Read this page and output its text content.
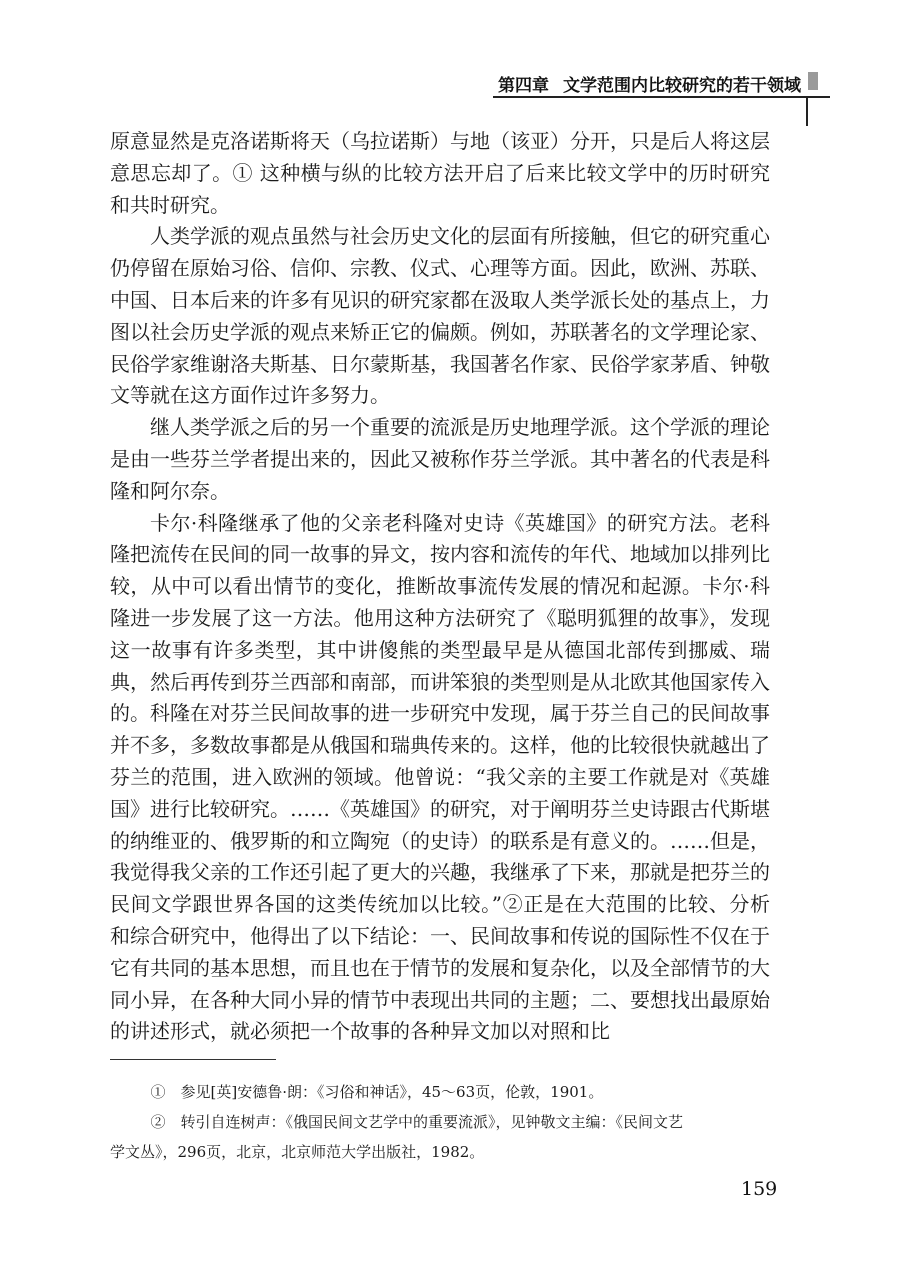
第四章 文学范围内比较研究的若干领域

原意显然是克洛诺斯将天（乌拉诺斯）与地（该亚）分开，只是后人将这层意思忘却了。① 这种横与纵的比较方法开启了后来比较文学中的历时研究和共时研究。

人类学派的观点虽然与社会历史文化的层面有所接触，但它的研究重心仍停留在原始习俗、信仰、宗教、仪式、心理等方面。因此，欧洲、苏联、中国、日本后来的许多有见识的研究家都在汲取人类学派长处的基点上，力图以社会历史学派的观点来矫正它的偏颇。例如，苏联著名的文学理论家、民俗学家维谢洛夫斯基、日尔蒙斯基，我国著名作家、民俗学家茅盾、钟敬文等就在这方面作过许多努力。

继人类学派之后的另一个重要的流派是历史地理学派。这个学派的理论是由一些芬兰学者提出来的，因此又被称作芬兰学派。其中著名的代表是科隆和阿尔奈。

卡尔·科隆继承了他的父亲老科隆对史诗《英雄国》的研究方法。老科隆把流传在民间的同一故事的异文，按内容和流传的年代、地域加以排列比较，从中可以看出情节的变化，推断故事流传发展的情况和起源。卡尔·科隆进一步发展了这一方法。他用这种方法研究了《聪明狐狸的故事》，发现这一故事有许多类型，其中讲傻熊的类型最早是从德国北部传到挪威、瑞典，然后再传到芬兰西部和南部，而讲笨狼的类型则是从北欧其他国家传入的。科隆在对芬兰民间故事的进一步研究中发现，属于芬兰自己的民间故事并不多，多数故事都是从俄国和瑞典传来的。这样，他的比较很快就越出了芬兰的范围，进入欧洲的领域。他曾说：“我父亲的主要工作就是对《英雄国》进行比较研究。……《英雄国》的研究，对于阐明芬兰史诗跟古代斯堪的纳维亚的、俄罗斯的和立陶宛（的史诗）的联系是有意义的。……但是，我觉得我父亲的工作还引起了更大的兴趣，我继承了下来，那就是把芬兰的民间文学跟世界各国的这类传统加以比较。”②正是在大范围的比较、分析和综合研究中，他得出了以下结论：一、民间故事和传说的国际性不仅在于它有共同的基本思想，而且也在于情节的发展和复杂化，以及全部情节的大同小异，在各种大同小异的情节中表现出共同的主题；二、要想找出最原始的讲述形式，就必须把一个故事的各种异文加以对照和比

①　参见[英]安德鲁·朗：《习俗和神话》，45～63页，伦敦，1901。

②　转引自连树声：《俄国民间文艺学中的重要流派》，见钟敬文主编：《民间文艺

学文丛》，296页，北京，北京师范大学出版社，1982。

159
